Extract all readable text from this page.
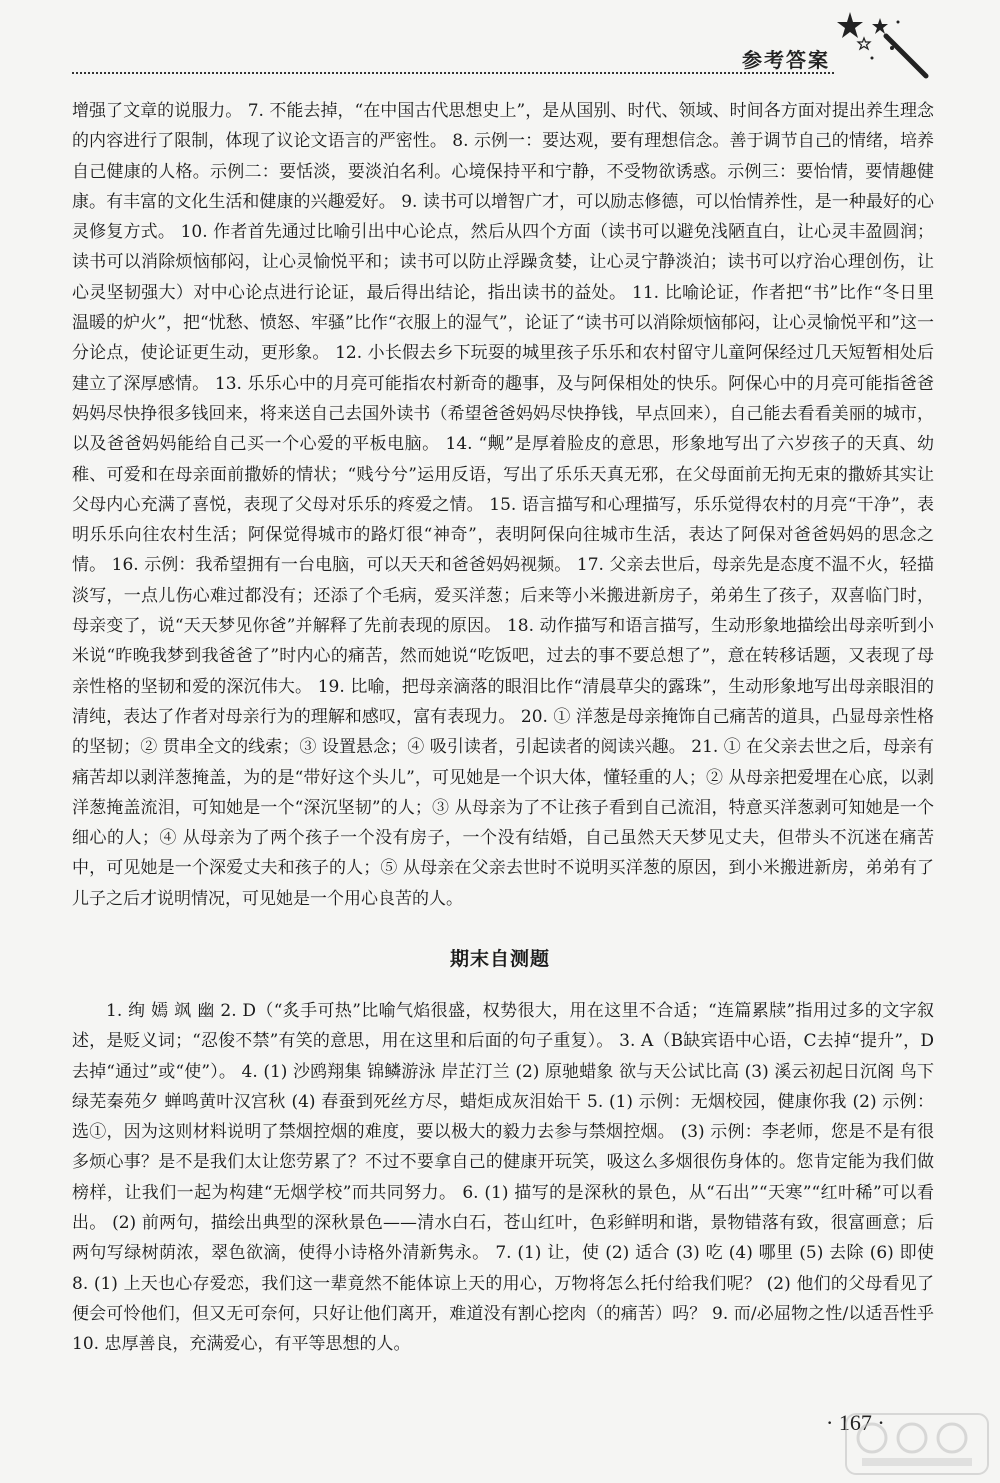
参考答案

增强了文章的说服力。 7. 不能去掉，“在中国古代思想史上”，是从国别、时代、领域、时间各方面对提出养生理念的内容进行了限制，体现了议论文语言的严密性。 8. 示例一：要达观，要有理想信念。善于调节自己的情绪，培养自己健康的人格。示例二：要恬淡，要淡泊名利。心境保持平和宁静，不受物欲诱惑。示例三：要怡情，要情趣健康。有丰富的文化生活和健康的兴趣爱好。 9. 读书可以增智广才，可以励志修德，可以怡情养性，是一种最好的心灵修复方式。 10. 作者首先通过比喻引出中心论点，然后从四个方面（读书可以避免浅陋直白，让心灵丰盈圆润；读书可以消除烦恼郁闷，让心灵愉悦平和；读书可以防止浮躁贪婪，让心灵宁静淡泊；读书可以疗治心理创伤，让心灵坚韧强大）对中心论点进行论证，最后得出结论，指出读书的益处。 11. 比喻论证，作者把“书”比作“冬日里温暖的炉火”，把“忧愁、愤怒、牢骚”比作“衣服上的湿气”，论证了“读书可以消除烦恼郁闷，让心灵愉悦平和”这一分论点，使论证更生动，更形象。 12. 小长假去乡下玩耍的城里孩子乐乐和农村留守儿童阿保经过几天短暂相处后建立了深厚感情。 13. 乐乐心中的月亮可能指农村新奇的趣事，及与阿保相处的快乐。阿保心中的月亮可能指爸爸妈妈尽快挣很多钱回来，将来送自己去国外读书（希望爸爸妈妈尽快挣钱，早点回来），自己能去看看美丽的城市，以及爸爸妈妈能给自己买一个心爱的平板电脑。 14. “觍”是厚着脸皮的意思，形象地写出了六岁孩子的天真、幼稚、可爱和在母亲面前撒娇的情状；“贱兮兮”运用反语，写出了乐乐天真无邪，在父母面前无拘无束的撒娇其实让父母内心充满了喜悦，表现了父母对乐乐的疼爱之情。 15. 语言描写和心理描写，乐乐觉得农村的月亮“干净”，表明乐乐向往农村生活；阿保觉得城市的路灯很“神奇”，表明阿保向往城市生活，表达了阿保对爸爸妈妈的思念之情。 16. 示例：我希望拥有一台电脑，可以天天和爸爸妈妈视频。 17. 父亲去世后，母亲先是态度不温不火，轻描淡写，一点儿伤心难过都没有；还添了个毛病，爱买洋葱；后来等小米搬进新房子，弟弟生了孩子，双喜临门时，母亲变了，说“天天梦见你爸”并解释了先前表现的原因。 18. 动作描写和语言描写，生动形象地描绘出母亲听到小米说“昨晚我梦到我爸爸了”时内心的痛苦，然而她说“吃饭吧，过去的事不要总想了”，意在转移话题，又表现了母亲性格的坚韧和爱的深沉伟大。 19. 比喻，把母亲滴落的眼泪比作“清晨草尖的露珠”，生动形象地写出母亲眼泪的清纯，表达了作者对母亲行为的理解和感叹，富有表现力。 20. ① 洋葱是母亲掩饰自己痛苦的道具，凸显母亲性格的坚韧；② 贯串全文的线索；③ 设置悬念；④ 吸引读者，引起读者的阅读兴趣。 21. ① 在父亲去世之后，母亲有痛苦却以剥洋葱掩盖，为的是“带好这个头儿”，可见她是一个识大体，懂轻重的人；② 从母亲把爱埋在心底，以剥洋葱掩盖流泪，可知她是一个“深沉坚韧”的人；③ 从母亲为了不让孩子看到自己流泪，特意买洋葱剥可知她是一个细心的人；④ 从母亲为了两个孩子一个没有房子，一个没有结婚，自己虽然天天梦见丈夫，但带头不沉迷在痛苦中，可见她是一个深爱丈夫和孩子的人；⑤ 从母亲在父亲去世时不说明买洋葱的原因，到小米搬进新房，弟弟有了儿子之后才说明情况，可见她是一个用心良苦的人。

期末自测题

1. 绚 嫣 飒 幽 2. D（“炙手可热”比喻气焰很盛，权势很大，用在这里不合适；“连篇累牍”指用过多的文字叙述，是贬义词；“忍俊不禁”有笑的意思，用在这里和后面的句子重复）。 3. A（B缺宾语中心语，C去掉“提升”，D去掉“通过”或“使”）。 4. (1) 沙鸥翔集 锦鳞游泳 岸芷汀兰 (2) 原驰蜡象 欲与天公试比高 (3) 溪云初起日沉阁 鸟下绿芜秦苑夕 蝉鸣黄叶汉宫秋 (4) 春蚕到死丝方尽，蜡炬成灰泪始干 5. (1) 示例：无烟校园，健康你我 (2) 示例：选①，因为这则材料说明了禁烟控烟的难度，要以极大的毅力去参与禁烟控烟。 (3) 示例：李老师，您是不是有很多烦心事？是不是我们太让您劳累了？不过不要拿自己的健康开玩笑，吸这么多烟很伤身体的。您肯定能为我们做榜样，让我们一起为构建“无烟学校”而共同努力。 6. (1) 描写的是深秋的景色，从“石出”“天寒”“红叶稀”可以看出。 (2) 前两句，描绘出典型的深秋景色——清水白石，苍山红叶，色彩鲜明和谐，景物错落有致，很富画意；后两句写绿树荫浓，翠色欲滴，使得小诗格外清新隽永。 7. (1) 让，使 (2) 适合 (3) 吃 (4) 哪里 (5) 去除 (6) 即使 8. (1) 上天也心存爱恋，我们这一辈竟然不能体谅上天的用心，万物将怎么托付给我们呢？ (2) 他们的父母看见了便会可怜他们，但又无可奈何，只好让他们离开，难道没有割心挖肉（的痛苦）吗？ 9. 而/必屈物之性/以适吾性乎 10. 忠厚善良，充满爱心，有平等思想的人。

· 167 ·
